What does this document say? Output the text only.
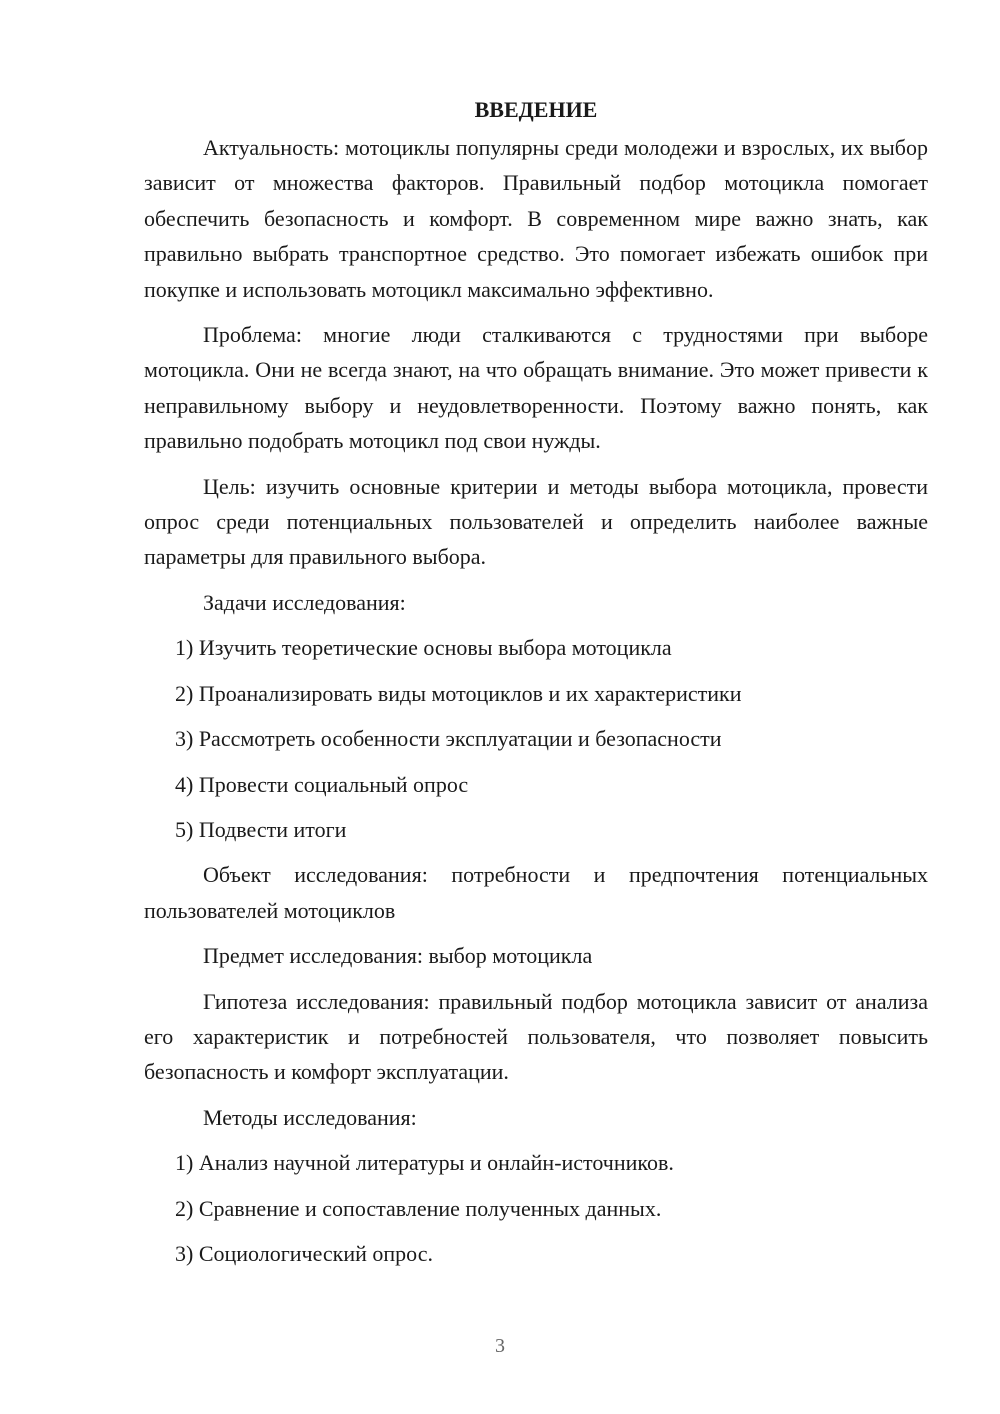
ВВЕДЕНИЕ

Актуальность: мотоциклы популярны среди молодежи и взрослых, их выбор зависит от множества факторов. Правильный подбор мотоцикла помогает обеспечить безопасность и комфорт. В современном мире важно знать, как правильно выбрать транспортное средство. Это помогает избежать ошибок при покупке и использовать мотоцикл максимально эффективно.

Проблема: многие люди сталкиваются с трудностями при выборе мотоцикла. Они не всегда знают, на что обращать внимание. Это может привести к неправильному выбору и неудовлетворенности. Поэтому важно понять, как правильно подобрать мотоцикл под свои нужды.

Цель: изучить основные критерии и методы выбора мотоцикла, провести опрос среди потенциальных пользователей и определить наиболее важные параметры для правильного выбора.

Задачи исследования:

1) Изучить теоретические основы выбора мотоцикла
2) Проанализировать виды мотоциклов и их характеристики
3) Рассмотреть особенности эксплуатации и безопасности
4) Провести социальный опрос
5) Подвести итоги

Объект исследования: потребности и предпочтения потенциальных пользователей мотоциклов

Предмет исследования: выбор мотоцикла

Гипотеза исследования: правильный подбор мотоцикла зависит от анализа его характеристик и потребностей пользователя, что позволяет повысить безопасность и комфорт эксплуатации.

Методы исследования:

1) Анализ научной литературы и онлайн-источников.
2) Сравнение и сопоставление полученных данных.
3) Социологический опрос.
3
